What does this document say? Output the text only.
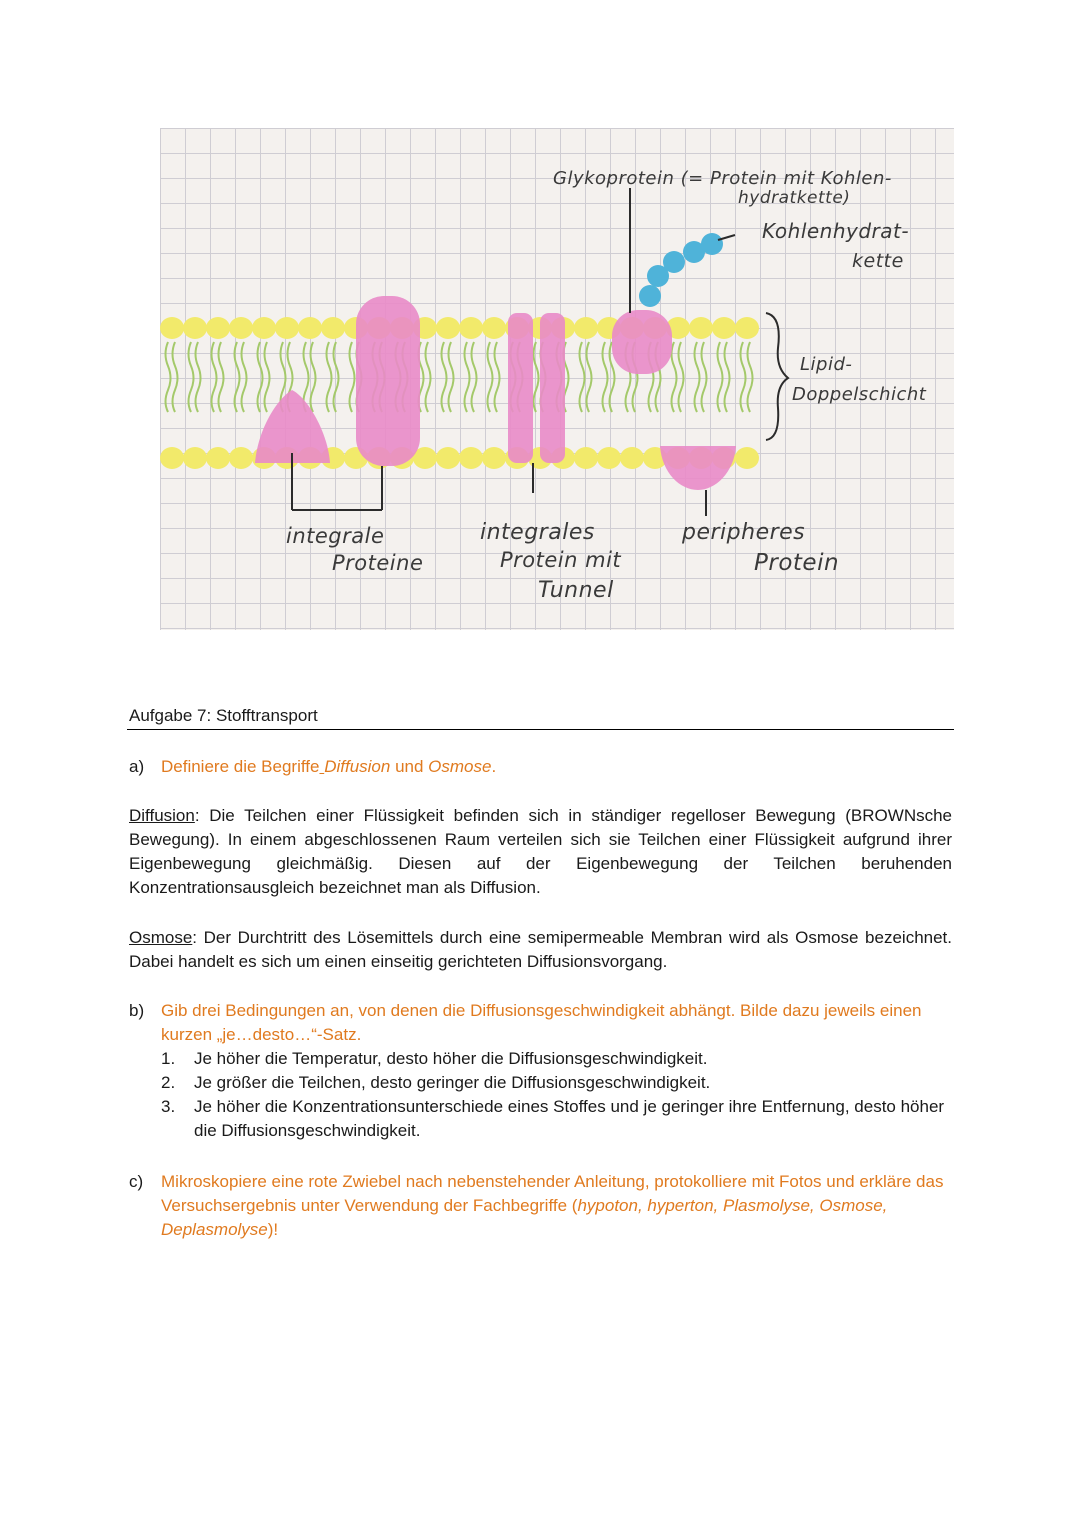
Glykoprotein (= Protein mit Kohlen-
hydratkette)
Kohlenhydrat-
kette
Lipid-
Doppelschicht
integrale
Proteine
integrales
Protein mit
Tunnel
peripheres
Protein
Aufgabe 7: Stofftransport
a) Definiere die Begriffe Diffusion und Osmose.
Diffusion: Die Teilchen einer Flüssigkeit befinden sich in ständiger regelloser Bewegung (BROWNsche Bewegung). In einem abgeschlossenen Raum verteilen sich sie Teilchen einer Flüssigkeit aufgrund ihrer Eigenbewegung gleichmäßig. Diesen auf der Eigenbewegung der Teilchen beruhenden Konzentrationsausgleich bezeichnet man als Diffusion.
Osmose: Der Durchtritt des Lösemittels durch eine semipermeable Membran wird als Osmose bezeichnet. Dabei handelt es sich um einen einseitig gerichteten Diffusionsvorgang.
b) Gib drei Bedingungen an, von denen die Diffusionsgeschwindigkeit abhängt. Bilde dazu jeweils einen kurzen „je…desto…“-Satz.
1. Je höher die Temperatur, desto höher die Diffusionsgeschwindigkeit.
2. Je größer die Teilchen, desto geringer die Diffusionsgeschwindigkeit.
3. Je höher die Konzentrationsunterschiede eines Stoffes und je geringer ihre Entfernung, desto höher die Diffusionsgeschwindigkeit.
c) Mikroskopiere eine rote Zwiebel nach nebenstehender Anleitung, protokolliere mit Fotos und erkläre das Versuchsergebnis unter Verwendung der Fachbegriffe (hypoton, hyperton, Plasmolyse, Osmose, Deplasmolyse)!
